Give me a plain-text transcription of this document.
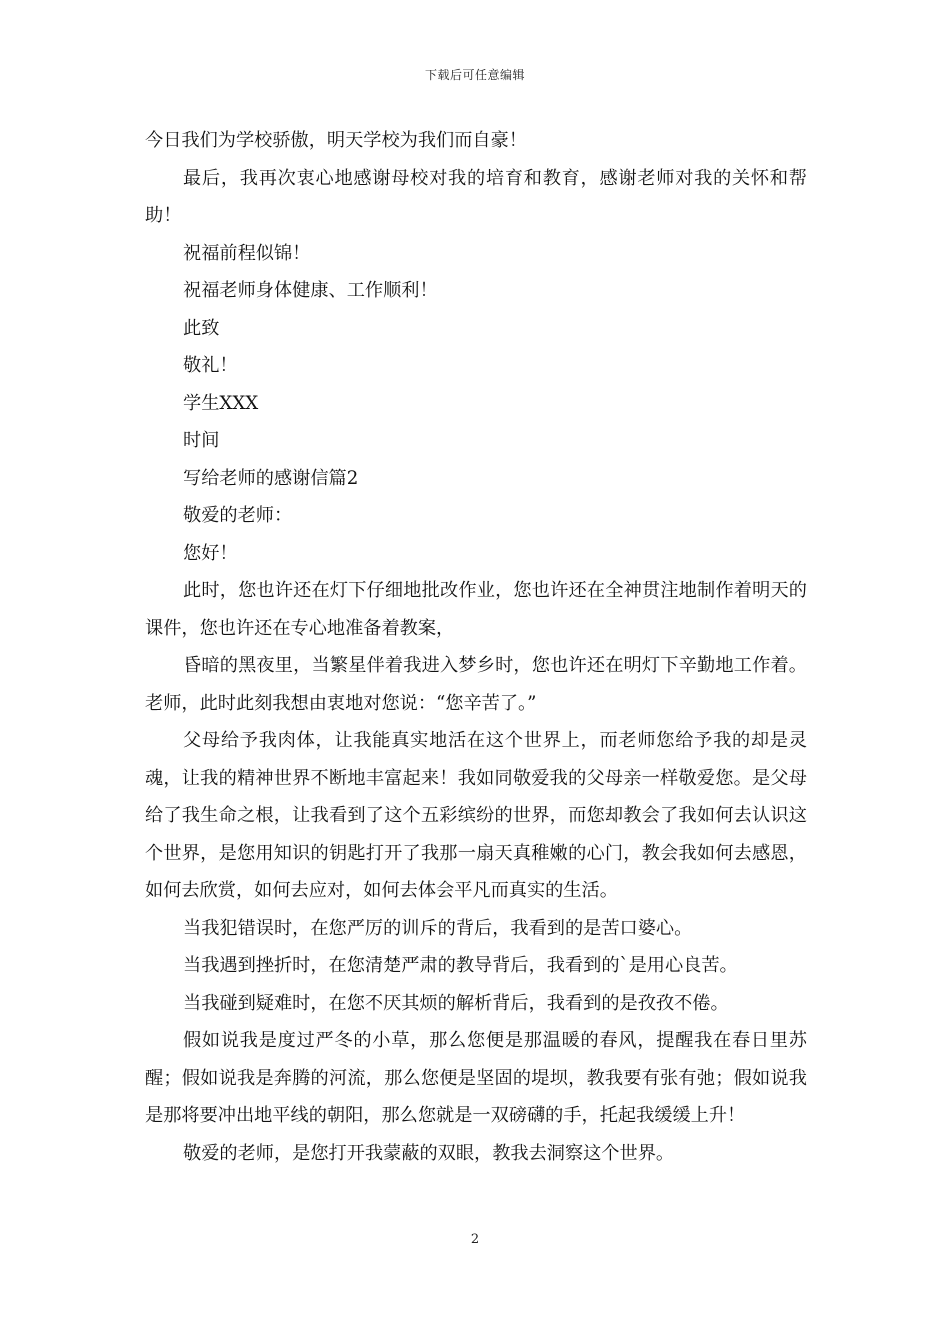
下载后可任意编辑

今日我们为学校骄傲，明天学校为我们而自豪！

最后，我再次衷心地感谢母校对我的培育和教育，感谢老师对我的关怀和帮助！

祝福前程似锦！

祝福老师身体健康、工作顺利！

此致

敬礼！

学生XXX

时间

写给老师的感谢信篇2

敬爱的老师：

您好！

此时，您也许还在灯下仔细地批改作业，您也许还在全神贯注地制作着明天的课件，您也许还在专心地准备着教案，

昏暗的黑夜里，当繁星伴着我进入梦乡时，您也许还在明灯下辛勤地工作着。老师，此时此刻我想由衷地对您说：“您辛苦了。”

父母给予我肉体，让我能真实地活在这个世界上，而老师您给予我的却是灵魂，让我的精神世界不断地丰富起来！我如同敬爱我的父母亲一样敬爱您。是父母给了我生命之根，让我看到了这个五彩缤纷的世界，而您却教会了我如何去认识这个世界，是您用知识的钥匙打开了我那一扇天真稚嫩的心门，教会我如何去感恩，如何去欣赏，如何去应对，如何去体会平凡而真实的生活。

当我犯错误时，在您严厉的训斥的背后，我看到的是苦口婆心。

当我遇到挫折时，在您清楚严肃的教导背后，我看到的`是用心良苦。

当我碰到疑难时，在您不厌其烦的解析背后，我看到的是孜孜不倦。

假如说我是度过严冬的小草，那么您便是那温暖的春风，提醒我在春日里苏醒；假如说我是奔腾的河流，那么您便是坚固的堤坝，教我要有张有弛；假如说我是那将要冲出地平线的朝阳，那么您就是一双磅礴的手，托起我缓缓上升！

敬爱的老师，是您打开我蒙蔽的双眼，教我去洞察这个世界。

2
